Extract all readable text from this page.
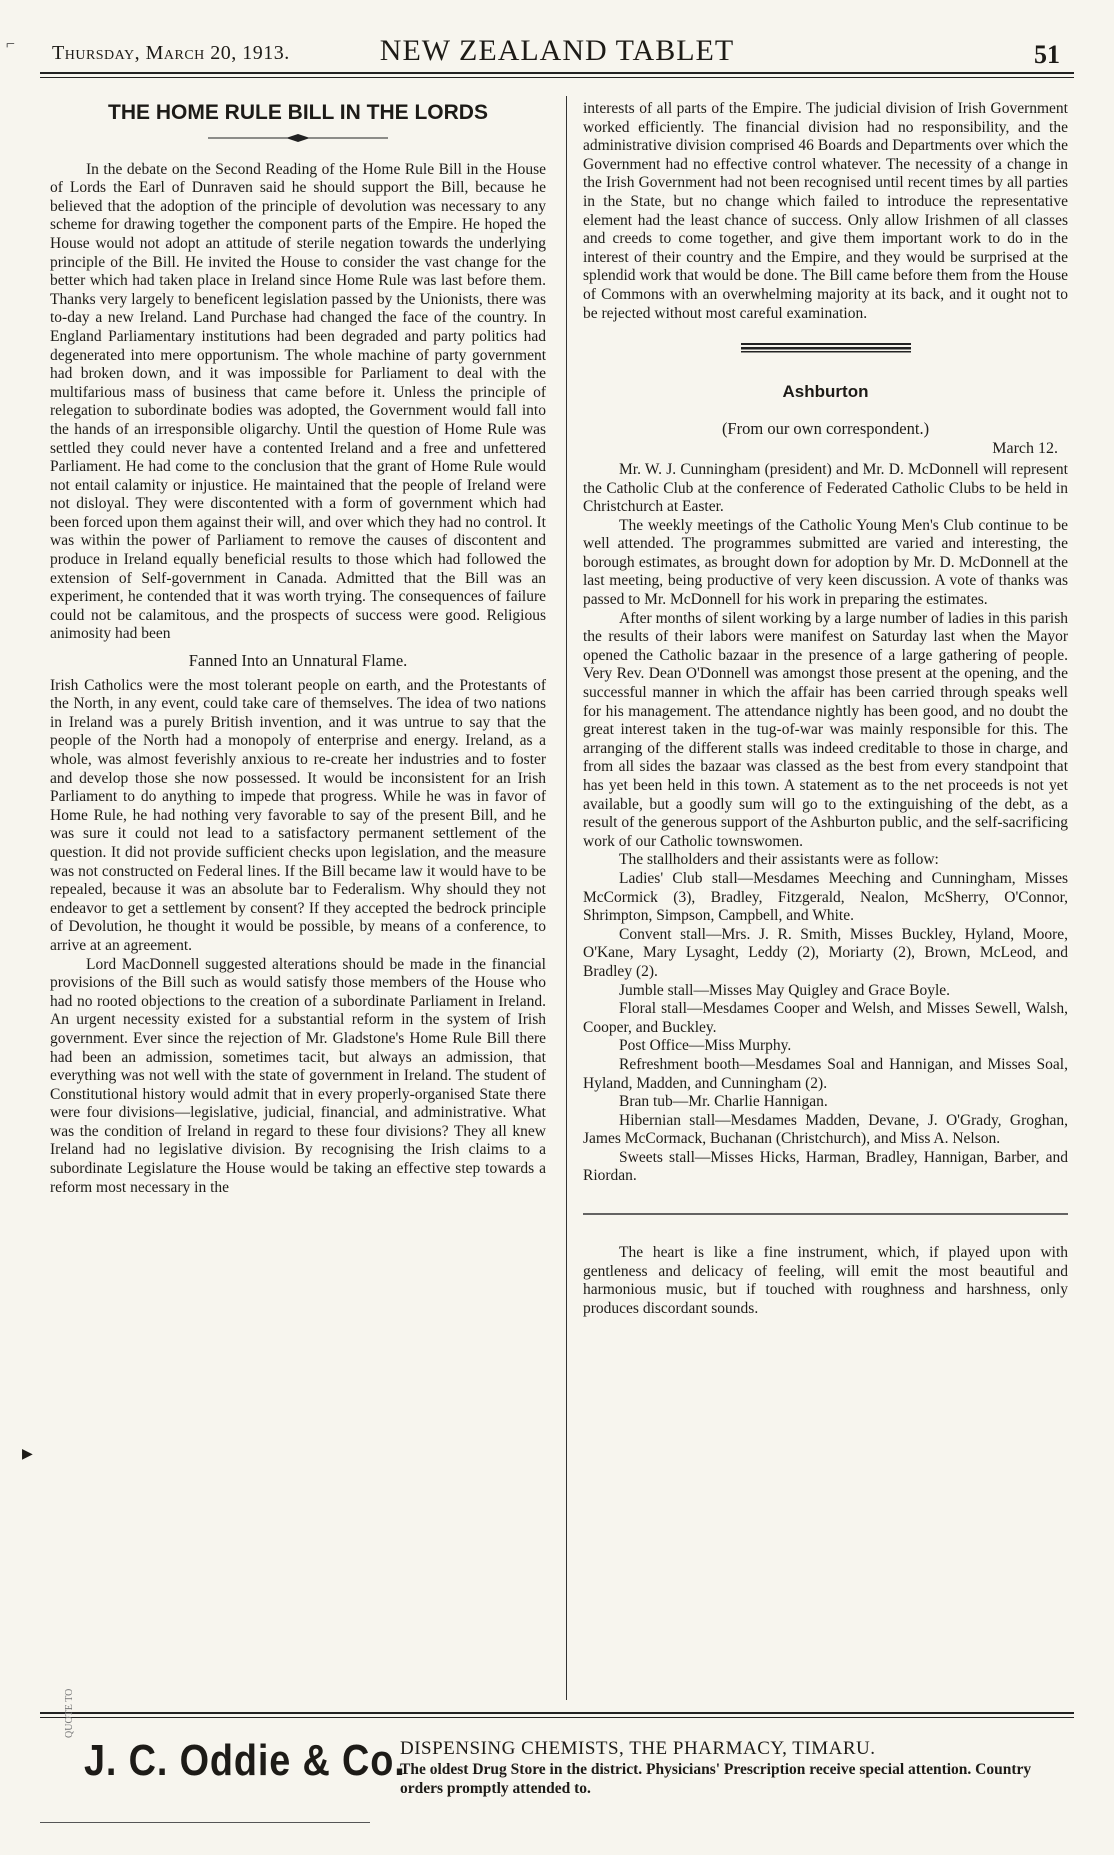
⌐ Thursday, March 20, 1913.	NEW ZEALAND TABLET	51
THE HOME RULE BILL IN THE LORDS

In the debate on the Second Reading of the Home Rule Bill in the House of Lords the Earl of Dunraven said he should support the Bill, because he believed that the adoption of the principle of devolution was necessary to any scheme for drawing together the component parts of the Empire. He hoped the House would not adopt an attitude of sterile negation towards the underlying principle of the Bill. He invited the House to consider the vast change for the better which had taken place in Ireland since Home Rule was last before them. Thanks very largely to beneficent legislation passed by the Unionists, there was to-day a new Ireland. Land Purchase had changed the face of the country. In England Parliamentary institutions had been degraded and party politics had degenerated into mere opportunism. The whole machine of party government had broken down, and it was impossible for Parliament to deal with the multifarious mass of business that came before it. Unless the principle of relegation to subordinate bodies was adopted, the Government would fall into the hands of an irresponsible oligarchy. Until the question of Home Rule was settled they could never have a contented Ireland and a free and unfettered Parliament. He had come to the conclusion that the grant of Home Rule would not entail calamity or injustice. He maintained that the people of Ireland were not disloyal. They were discontented with a form of government which had been forced upon them against their will, and over which they had no control. It was within the power of Parliament to remove the causes of discontent and produce in Ireland equally beneficial results to those which had followed the extension of Self-government in Canada. Admitted that the Bill was an experiment, he contended that it was worth trying. The consequences of failure could not be calamitous, and the prospects of success were good. Religious animosity had been

Fanned Into an Unnatural Flame.

Irish Catholics were the most tolerant people on earth, and the Protestants of the North, in any event, could take care of themselves. The idea of two nations in Ireland was a purely British invention, and it was untrue to say that the people of the North had a monopoly of enterprise and energy. Ireland, as a whole, was almost feverishly anxious to re-create her industries and to foster and develop those she now possessed. It would be inconsistent for an Irish Parliament to do anything to impede that progress. While he was in favor of Home Rule, he had nothing very favorable to say of the present Bill, and he was sure it could not lead to a satisfactory permanent settlement of the question. It did not provide sufficient checks upon legislation, and the measure was not constructed on Federal lines. If the Bill became law it would have to be repealed, because it was an absolute bar to Federalism. Why should they not endeavor to get a settlement by consent? If they accepted the bedrock principle of Devolution, he thought it would be possible, by means of a conference, to arrive at an agreement.

Lord MacDonnell suggested alterations should be made in the financial provisions of the Bill such as would satisfy those members of the House who had no rooted objections to the creation of a subordinate Parliament in Ireland. An urgent necessity existed for a substantial reform in the system of Irish government. Ever since the rejection of Mr. Gladstone's Home Rule Bill there had been an admission, sometimes tacit, but always an admission, that everything was not well with the state of government in Ireland. The student of Constitutional history would admit that in every properly-organised State there were four divisions—legislative, judicial, financial, and administrative. What was the condition of Ireland in regard to these four divisions? They all knew Ireland had no legislative division. By recognising the Irish claims to a subordinate Legislature the House would be taking an effective step towards a reform most necessary in the

interests of all parts of the Empire. The judicial division of Irish Government worked efficiently. The financial division had no responsibility, and the administrative division comprised 46 Boards and Departments over which the Government had no effective control whatever. The necessity of a change in the Irish Government had not been recognised until recent times by all parties in the State, but no change which failed to introduce the representative element had the least chance of success. Only allow Irishmen of all classes and creeds to come together, and give them important work to do in the interest of their country and the Empire, and they would be surprised at the splendid work that would be done. The Bill came before them from the House of Commons with an overwhelming majority at its back, and it ought not to be rejected without most careful examination.

Ashburton
(From our own correspondent.)
March 12.

Mr. W. J. Cunningham (president) and Mr. D. McDonnell will represent the Catholic Club at the conference of Federated Catholic Clubs to be held in Christchurch at Easter.

The weekly meetings of the Catholic Young Men's Club continue to be well attended. The programmes submitted are varied and interesting, the borough estimates, as brought down for adoption by Mr. D. McDonnell at the last meeting, being productive of very keen discussion. A vote of thanks was passed to Mr. McDonnell for his work in preparing the estimates.

After months of silent working by a large number of ladies in this parish the results of their labors were manifest on Saturday last when the Mayor opened the Catholic bazaar in the presence of a large gathering of people. Very Rev. Dean O'Donnell was amongst those present at the opening, and the successful manner in which the affair has been carried through speaks well for his management. The attendance nightly has been good, and no doubt the great interest taken in the tug-of-war was mainly responsible for this. The arranging of the different stalls was indeed creditable to those in charge, and from all sides the bazaar was classed as the best from every standpoint that has yet been held in this town. A statement as to the net proceeds is not yet available, but a goodly sum will go to the extinguishing of the debt, as a result of the generous support of the Ashburton public, and the self-sacrificing work of our Catholic townswomen.

The stallholders and their assistants were as follow:

Ladies' Club stall—Mesdames Meeching and Cunningham, Misses McCormick (3), Bradley, Fitzgerald, Nealon, McSherry, O'Connor, Shrimpton, Simpson, Campbell, and White.

Convent stall—Mrs. J. R. Smith, Misses Buckley, Hyland, Moore, O'Kane, Mary Lysaght, Leddy (2), Moriarty (2), Brown, McLeod, and Bradley (2).

Jumble stall—Misses May Quigley and Grace Boyle.

Floral stall—Mesdames Cooper and Welsh, and Misses Sewell, Walsh, Cooper, and Buckley.

Post Office—Miss Murphy.

Refreshment booth—Mesdames Soal and Hannigan, and Misses Soal, Hyland, Madden, and Cunningham (2).

Bran tub—Mr. Charlie Hannigan.

Hibernian stall—Mesdames Madden, Devane, J. O'Grady, Groghan, James McCormack, Buchanan (Christchurch), and Miss A. Nelson.

Sweets stall—Misses Hicks, Harman, Bradley, Hannigan, Barber, and Riordan.

The heart is like a fine instrument, which, if played upon with gentleness and delicacy of feeling, will emit the most beautiful and harmonious music, but if touched with roughness and harshness, only produces discordant sounds.

▶
QUOTE TO
J. C. Oddie & Co.
DISPENSING CHEMISTS, THE PHARMACY, TIMARU.
The oldest Drug Store in the district. Physicians' Prescription receive special attention. Country orders promptly attended to.
